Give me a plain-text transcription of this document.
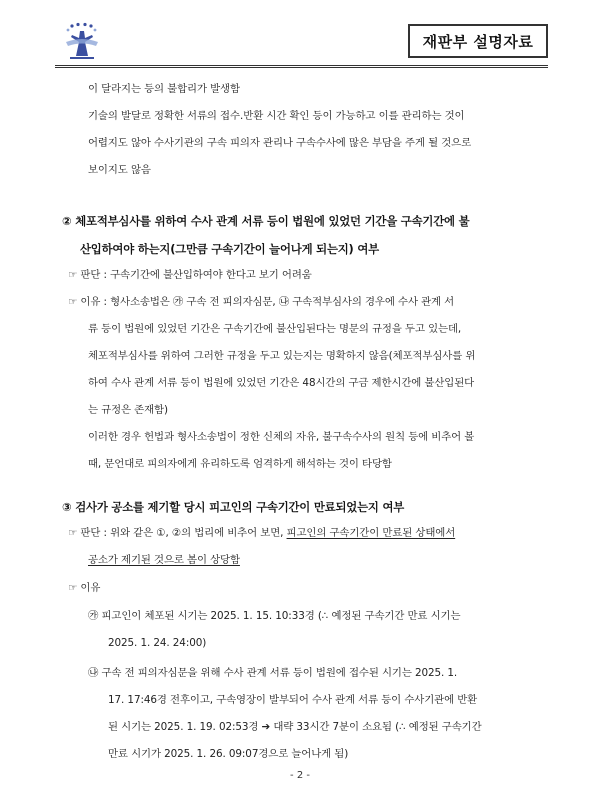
재판부 설명자료

이 달라지는 등의 불합리가 발생함

기술의 발달로 정확한 서류의 접수․반환 시간 확인 등이 가능하고 이를 관리하는 것이

어렵지도 않아 수사기관의 구속 피의자 관리나 구속수사에 많은 부담을 주게 될 것으로

보이지도 않음

② 체포적부심사를 위하여 수사 관계 서류 등이 법원에 있었던 기간을 구속기간에 불

산입하여야 하는지(그만큼 구속기간이 늘어나게 되는지) 여부

☞ 판단 : 구속기간에 불산입하여야 한다고 보기 어려움

☞ 이유 : 형사소송법은 ㉮ 구속 전 피의자심문, ㉯ 구속적부심사의 경우에 수사 관계 서

류 등이 법원에 있었던 기간은 구속기간에 불산입된다는 명문의 규정을 두고 있는데,

체포적부심사를 위하여 그러한 규정을 두고 있는지는 명확하지 않음(체포적부심사를 위

하여 수사 관계 서류 등이 법원에 있었던 기간은 48시간의 구금 제한시간에 불산입된다

는 규정은 존재함)

이러한 경우 헌법과 형사소송법이 정한 신체의 자유, 불구속수사의 원칙 등에 비추어 볼

때, 문언대로 피의자에게 유리하도록 엄격하게 해석하는 것이 타당함

③ 검사가 공소를 제기할 당시 피고인의 구속기간이 만료되었는지 여부

☞ 판단 : 위와 같은 ①, ②의 법리에 비추어 보면, 피고인의 구속기간이 만료된 상태에서

공소가 제기된 것으로 봄이 상당함

☞ 이유

㉮ 피고인이 체포된 시기는 2025. 1. 15. 10:33경 (∴ 예정된 구속기간 만료 시기는

2025. 1. 24. 24:00)

㉯ 구속 전 피의자심문을 위해 수사 관계 서류 등이 법원에 접수된 시기는 2025. 1.

17. 17:46경 전후이고, 구속영장이 발부되어 수사 관계 서류 등이 수사기관에 반환

된 시기는 2025. 1. 19. 02:53경 ➔ 대략 33시간 7분이 소요됨 (∴ 예정된 구속기간

만료 시기가 2025. 1. 26. 09:07경으로 늘어나게 됨)

- 2 -
